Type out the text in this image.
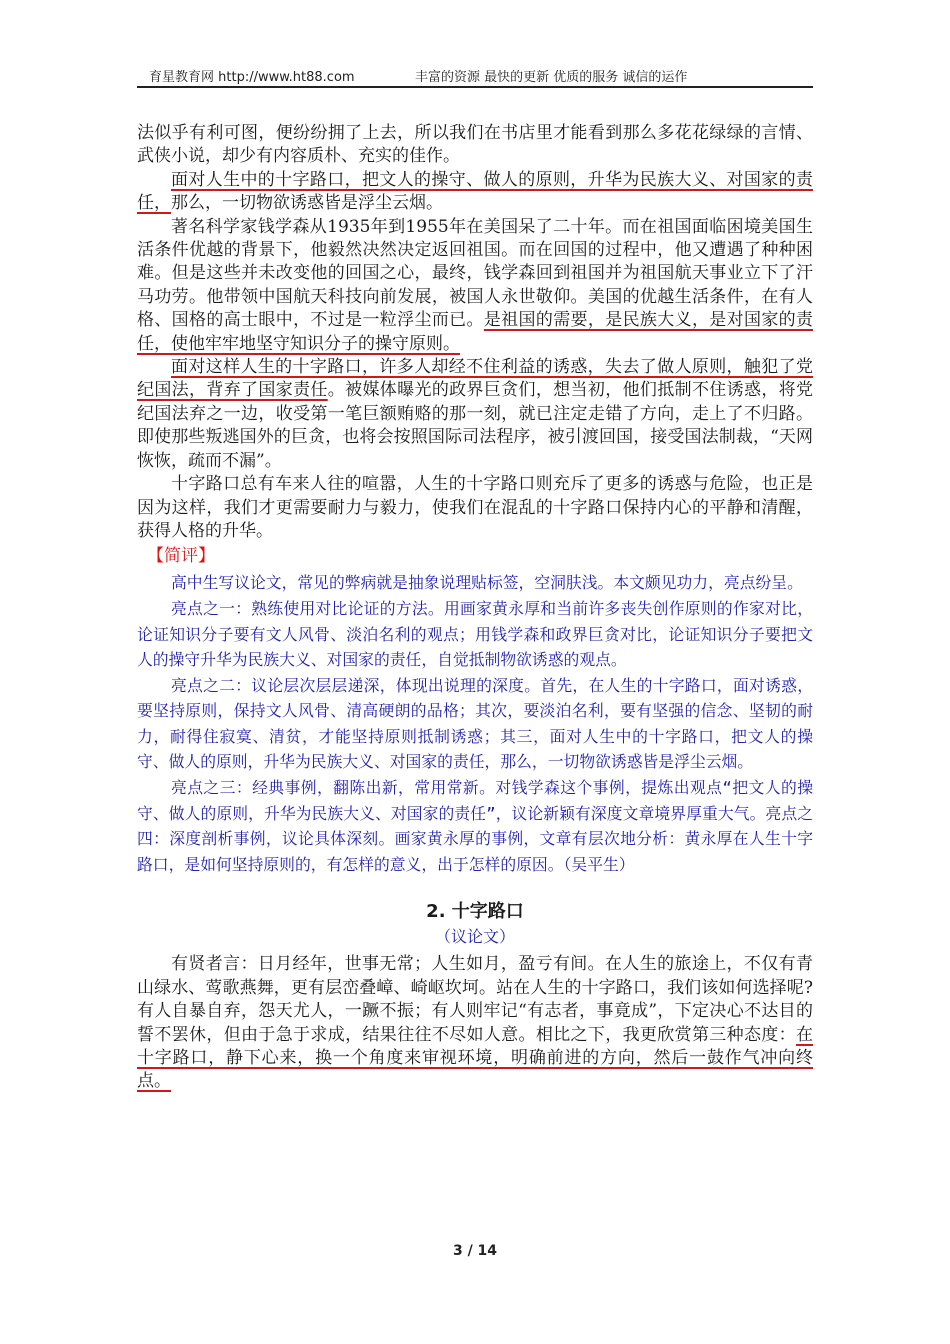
育星教育网 http://www.ht88.com	丰富的资源 最快的更新 优质的服务 诚信的运作

法似乎有利可图，便纷纷拥了上去，所以我们在书店里才能看到那么多花花绿绿的言情、武侠小说，却少有内容质朴、充实的佳作。

面对人生中的十字路口，把文人的操守、做人的原则，升华为民族大义、对国家的责任，那么，一切物欲诱惑皆是浮尘云烟。

著名科学家钱学森从1935年到1955年在美国呆了二十年。而在祖国面临困境美国生活条件优越的背景下，他毅然决然决定返回祖国。而在回国的过程中，他又遭遇了种种困难。但是这些并未改变他的回国之心，最终，钱学森回到祖国并为祖国航天事业立下了汗马功劳。他带领中国航天科技向前发展，被国人永世敬仰。美国的优越生活条件，在有人格、国格的高士眼中，不过是一粒浮尘而已。是祖国的需要，是民族大义，是对国家的责任，使他牢牢地坚守知识分子的操守原则。

面对这样人生的十字路口，许多人却经不住利益的诱惑，失去了做人原则，触犯了党纪国法，背弃了国家责任。被媒体曝光的政界巨贪们，想当初，他们抵制不住诱惑，将党纪国法弃之一边，收受第一笔巨额贿赂的那一刻，就已注定走错了方向，走上了不归路。即使那些叛逃国外的巨贪，也将会按照国际司法程序，被引渡回国，接受国法制裁，“天网恢恢，疏而不漏”。

十字路口总有车来人往的喧嚣，人生的十字路口则充斥了更多的诱惑与危险，也正是因为这样，我们才更需要耐力与毅力，使我们在混乱的十字路口保持内心的平静和清醒，获得人格的升华。

【简评】

高中生写议论文，常见的弊病就是抽象说理贴标签，空洞肤浅。本文颇见功力，亮点纷呈。

亮点之一：熟练使用对比论证的方法。用画家黄永厚和当前许多丧失创作原则的作家对比，论证知识分子要有文人风骨、淡泊名利的观点；用钱学森和政界巨贪对比，论证知识分子要把文人的操守升华为民族大义、对国家的责任，自觉抵制物欲诱惑的观点。

亮点之二：议论层次层层递深，体现出说理的深度。首先，在人生的十字路口，面对诱惑，要坚持原则，保持文人风骨、清高硬朗的品格；其次，要淡泊名利，要有坚强的信念、坚韧的耐力，耐得住寂寞、清贫，才能坚持原则抵制诱惑；其三，面对人生中的十字路口，把文人的操守、做人的原则，升华为民族大义、对国家的责任，那么，一切物欲诱惑皆是浮尘云烟。

亮点之三：经典事例，翻陈出新，常用常新。对钱学森这个事例，提炼出观点“把文人的操守、做人的原则，升华为民族大义、对国家的责任”，议论新颖有深度文章境界厚重大气。亮点之四：深度剖析事例，议论具体深刻。画家黄永厚的事例，文章有层次地分析：黄永厚在人生十字路口，是如何坚持原则的，有怎样的意义，出于怎样的原因。（吴平生）

2. 十字路口
（议论文）

有贤者言：日月经年，世事无常；人生如月，盈亏有间。在人生的旅途上，不仅有青山绿水、莺歌燕舞，更有层峦叠嶂、崎岖坎坷。站在人生的十字路口，我们该如何选择呢?有人自暴自弃，怨天尤人，一蹶不振；有人则牢记“有志者，事竟成”，下定决心不达目的誓不罢休，但由于急于求成，结果往往不尽如人意。相比之下，我更欣赏第三种态度：在十字路口，静下心来，换一个角度来审视环境，明确前进的方向，然后一鼓作气冲向终点。

3 / 14
